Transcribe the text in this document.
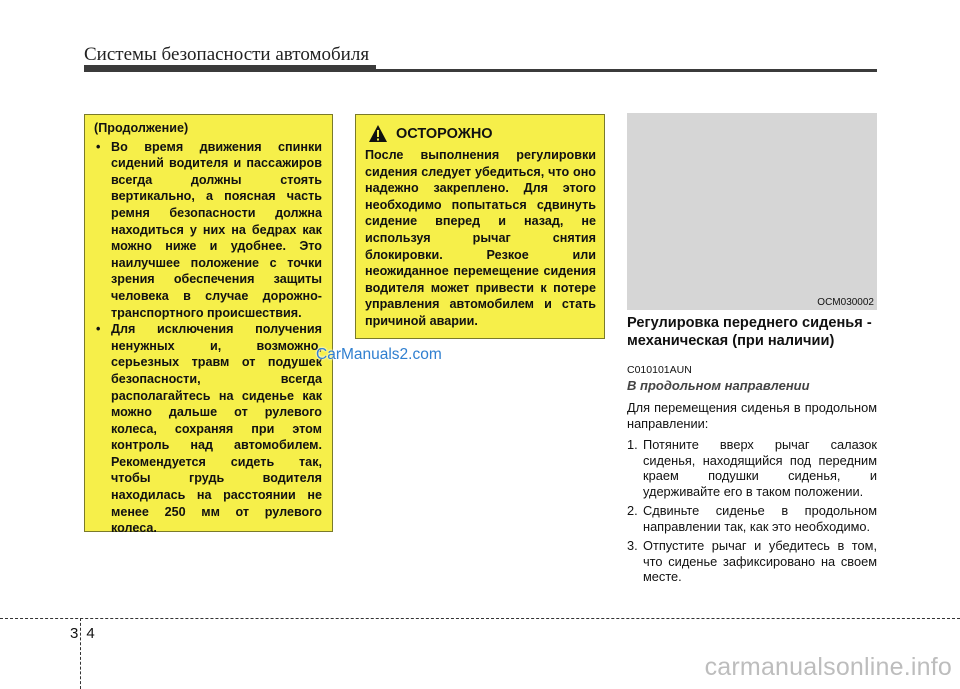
Системы безопасности автомобиля
(Продолжение)
• Во время движения спинки сидений водителя и пассажиров всегда должны стоять вертикально, а поясная часть ремня безопасности должна находиться у них на бедрах как можно ниже и удобнее. Это наилучшее положение с точки зрения обеспечения защиты человека в случае дорожно-транспортного происшествия.
• Для исключения получения ненужных и, возможно, серьезных травм от подушек безопасности, всегда располагайтесь на сиденье как можно дальше от рулевого колеса, сохраняя при этом контроль над автомобилем. Рекомендуется сидеть так, чтобы грудь водителя находилась на расстоянии не менее 250 мм от рулевого колеса.
ОСТОРОЖНО
После выполнения регулировки сидения следует убедиться, что оно надежно закреплено. Для этого необходимо попытаться сдвинуть сидение вперед и назад, не используя рычаг снятия блокировки. Резкое или неожиданное перемещение сидения водителя может привести к потере управления автомобилем и стать причиной аварии.
OCM030002
Регулировка переднего сиденья - механическая (при наличии)
C010101AUN
В продольном направлении
Для перемещения сиденья в продольном направлении:
1. Потяните вверх рычаг салазок сиденья, находящийся под передним краем подушки сиденья, и удерживайте его в таком положении.
2. Сдвиньте сиденье в продольном направлении так, как это необходимо.
3. Отпустите рычаг и убедитесь в том, что сиденье зафиксировано на своем месте.
CarManuals2.com
3 4
carmanualsonline.info
